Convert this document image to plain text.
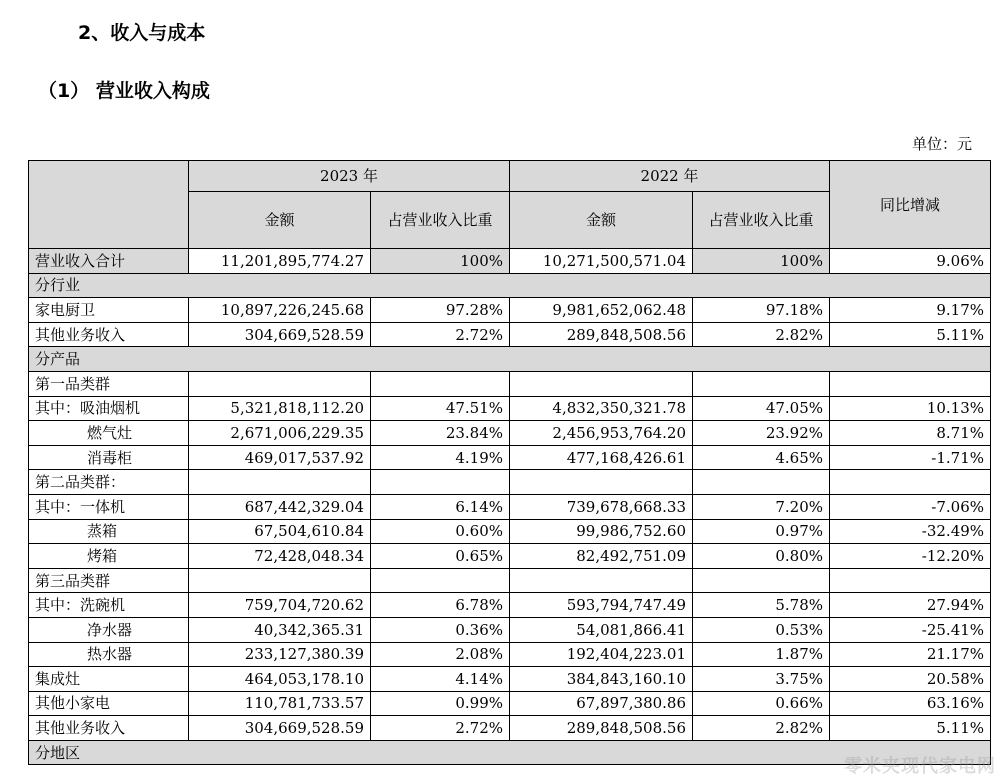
2、收入与成本
（1） 营业收入构成
单位：元
	2023 年		2022 年		同比增减
	金额	占营业收入比重	金额	占营业收入比重	
营业收入合计	11,201,895,774.27	100%	10,271,500,571.04	100%	9.06%
分行业					
家电厨卫	10,897,226,245.68	97.28%	9,981,652,062.48	97.18%	9.17%
其他业务收入	304,669,528.59	2.72%	289,848,508.56	2.82%	5.11%
分产品					
第一品类群					
其中：吸油烟机	5,321,818,112.20	47.51%	4,832,350,321.78	47.05%	10.13%
燃气灶	2,671,006,229.35	23.84%	2,456,953,764.20	23.92%	8.71%
消毒柜	469,017,537.92	4.19%	477,168,426.61	4.65%	-1.71%
第二品类群：					
其中：一体机	687,442,329.04	6.14%	739,678,668.33	7.20%	-7.06%
蒸箱	67,504,610.84	0.60%	99,986,752.60	0.97%	-32.49%
烤箱	72,428,048.34	0.65%	82,492,751.09	0.80%	-12.20%
第三品类群					
其中：洗碗机	759,704,720.62	6.78%	593,794,747.49	5.78%	27.94%
净水器	40,342,365.31	0.36%	54,081,866.41	0.53%	-25.41%
热水器	233,127,380.39	2.08%	192,404,223.01	1.87%	21.17%
集成灶	464,053,178.10	4.14%	384,843,160.10	3.75%	20.58%
其他小家电	110,781,733.57	0.99%	67,897,380.86	0.66%	63.16%
其他业务收入	304,669,528.59	2.72%	289,848,508.56	2.82%	5.11%
分地区					
零米夹现代家电网
